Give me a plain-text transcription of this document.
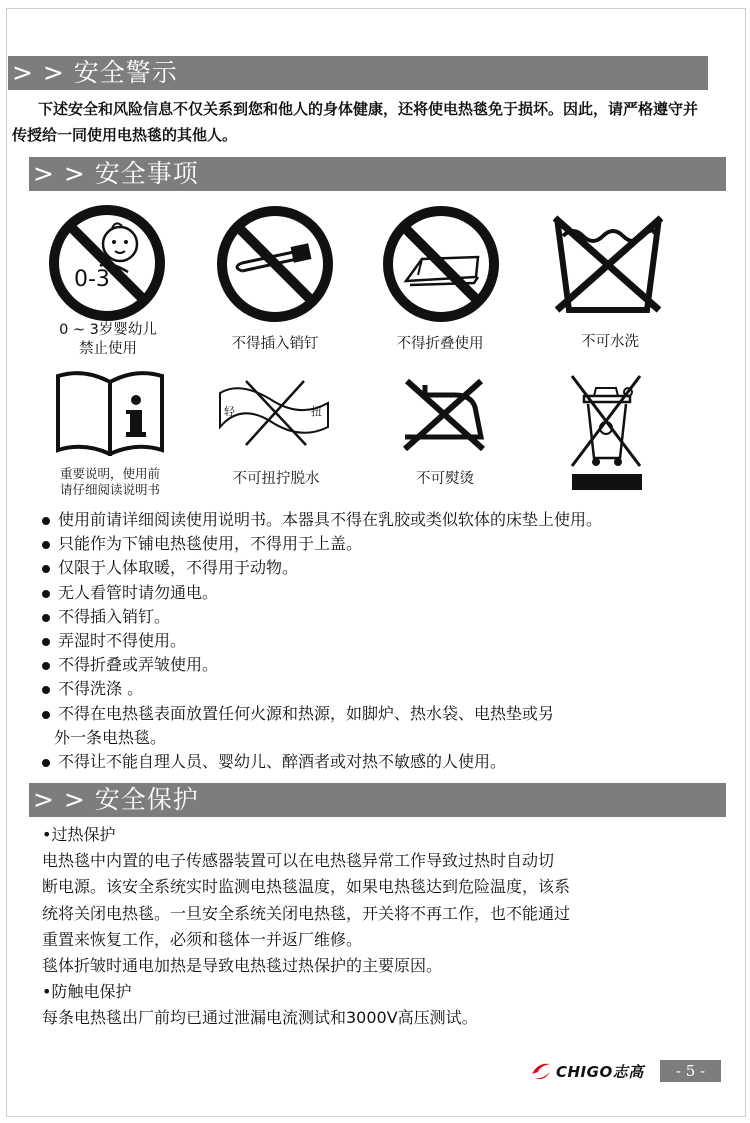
> > 安全警示

下述安全和风险信息不仅关系到您和他人的身体健康，还将使电热毯免于损坏。因此，请严格遵守并传授给一同使用电热毯的其他人。

> > 安全事项
0-3
0 ~ 3岁婴幼儿
禁止使用	不得插入销钉	不得折叠使用	不可水洗
重要说明，使用前
请仔细阅读说明书
轻	扭
不可扭拧脱水	不可熨烫
使用前请详细阅读使用说明书。本器具不得在乳胶或类似软体的床垫上使用。
只能作为下铺电热毯使用，不得用于上盖。
仅限于人体取暖，不得用于动物。
无人看管时请勿通电。
不得插入销钉。
弄湿时不得使用。
不得折叠或弄皱使用。
不得洗涤 。
不得在电热毯表面放置任何火源和热源，如脚炉、热水袋、电热垫或另
外一条电热毯。
不得让不能自理人员、婴幼儿、醉酒者或对热不敏感的人使用。
> > 安全保护

•过热保护

电热毯中内置的电子传感器装置可以在电热毯异常工作导致过热时自动切

断电源。该安全系统实时监测电热毯温度，如果电热毯达到危险温度，该系

统将关闭电热毯。一旦安全系统关闭电热毯，开关将不再工作，也不能通过

重置来恢复工作，必须和毯体一并返厂维修。

毯体折皱时通电加热是导致电热毯过热保护的主要原因。

•防触电保护

每条电热毯出厂前均已通过泄漏电流测试和3000V高压测试。

CHIGO志高	- 5 -
